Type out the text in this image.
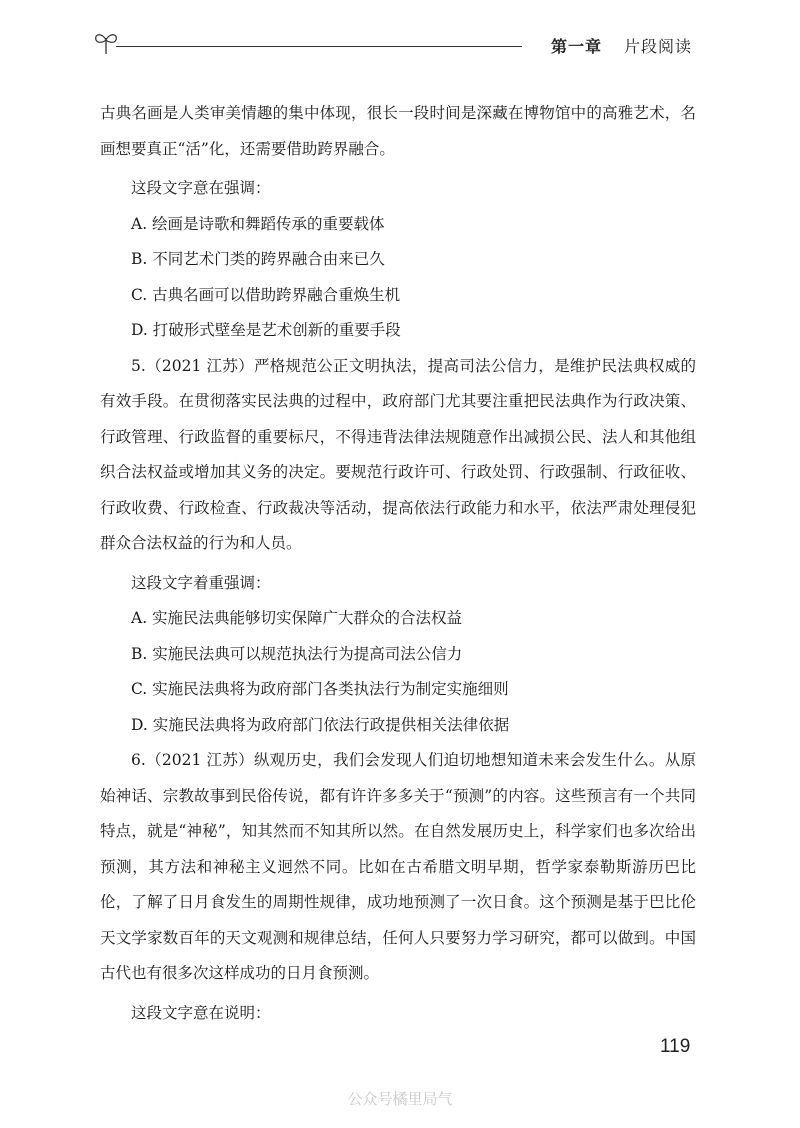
第一章 片段阅读

古典名画是人类审美情趣的集中体现，很长一段时间是深藏在博物馆中的高雅艺术，名画想要真正“活”化，还需要借助跨界融合。

这段文字意在强调：

A. 绘画是诗歌和舞蹈传承的重要载体

B. 不同艺术门类的跨界融合由来已久

C. 古典名画可以借助跨界融合重焕生机

D. 打破形式壁垒是艺术创新的重要手段

5.（2021 江苏）严格规范公正文明执法，提高司法公信力，是维护民法典权威的有效手段。在贯彻落实民法典的过程中，政府部门尤其要注重把民法典作为行政决策、行政管理、行政监督的重要标尺，不得违背法律法规随意作出减损公民、法人和其他组织合法权益或增加其义务的决定。要规范行政许可、行政处罚、行政强制、行政征收、行政收费、行政检查、行政裁决等活动，提高依法行政能力和水平，依法严肃处理侵犯群众合法权益的行为和人员。

这段文字着重强调：

A. 实施民法典能够切实保障广大群众的合法权益

B. 实施民法典可以规范执法行为提高司法公信力

C. 实施民法典将为政府部门各类执法行为制定实施细则

D. 实施民法典将为政府部门依法行政提供相关法律依据

6.（2021 江苏）纵观历史，我们会发现人们迫切地想知道未来会发生什么。从原始神话、宗教故事到民俗传说，都有许许多多关于“预测”的内容。这些预言有一个共同特点，就是“神秘”，知其然而不知其所以然。在自然发展历史上，科学家们也多次给出预测，其方法和神秘主义迥然不同。比如在古希腊文明早期，哲学家泰勒斯游历巴比伦，了解了日月食发生的周期性规律，成功地预测了一次日食。这个预测是基于巴比伦天文学家数百年的天文观测和规律总结，任何人只要努力学习研究，都可以做到。中国古代也有很多次这样成功的日月食预测。

这段文字意在说明：

119
公众号橘里局气
